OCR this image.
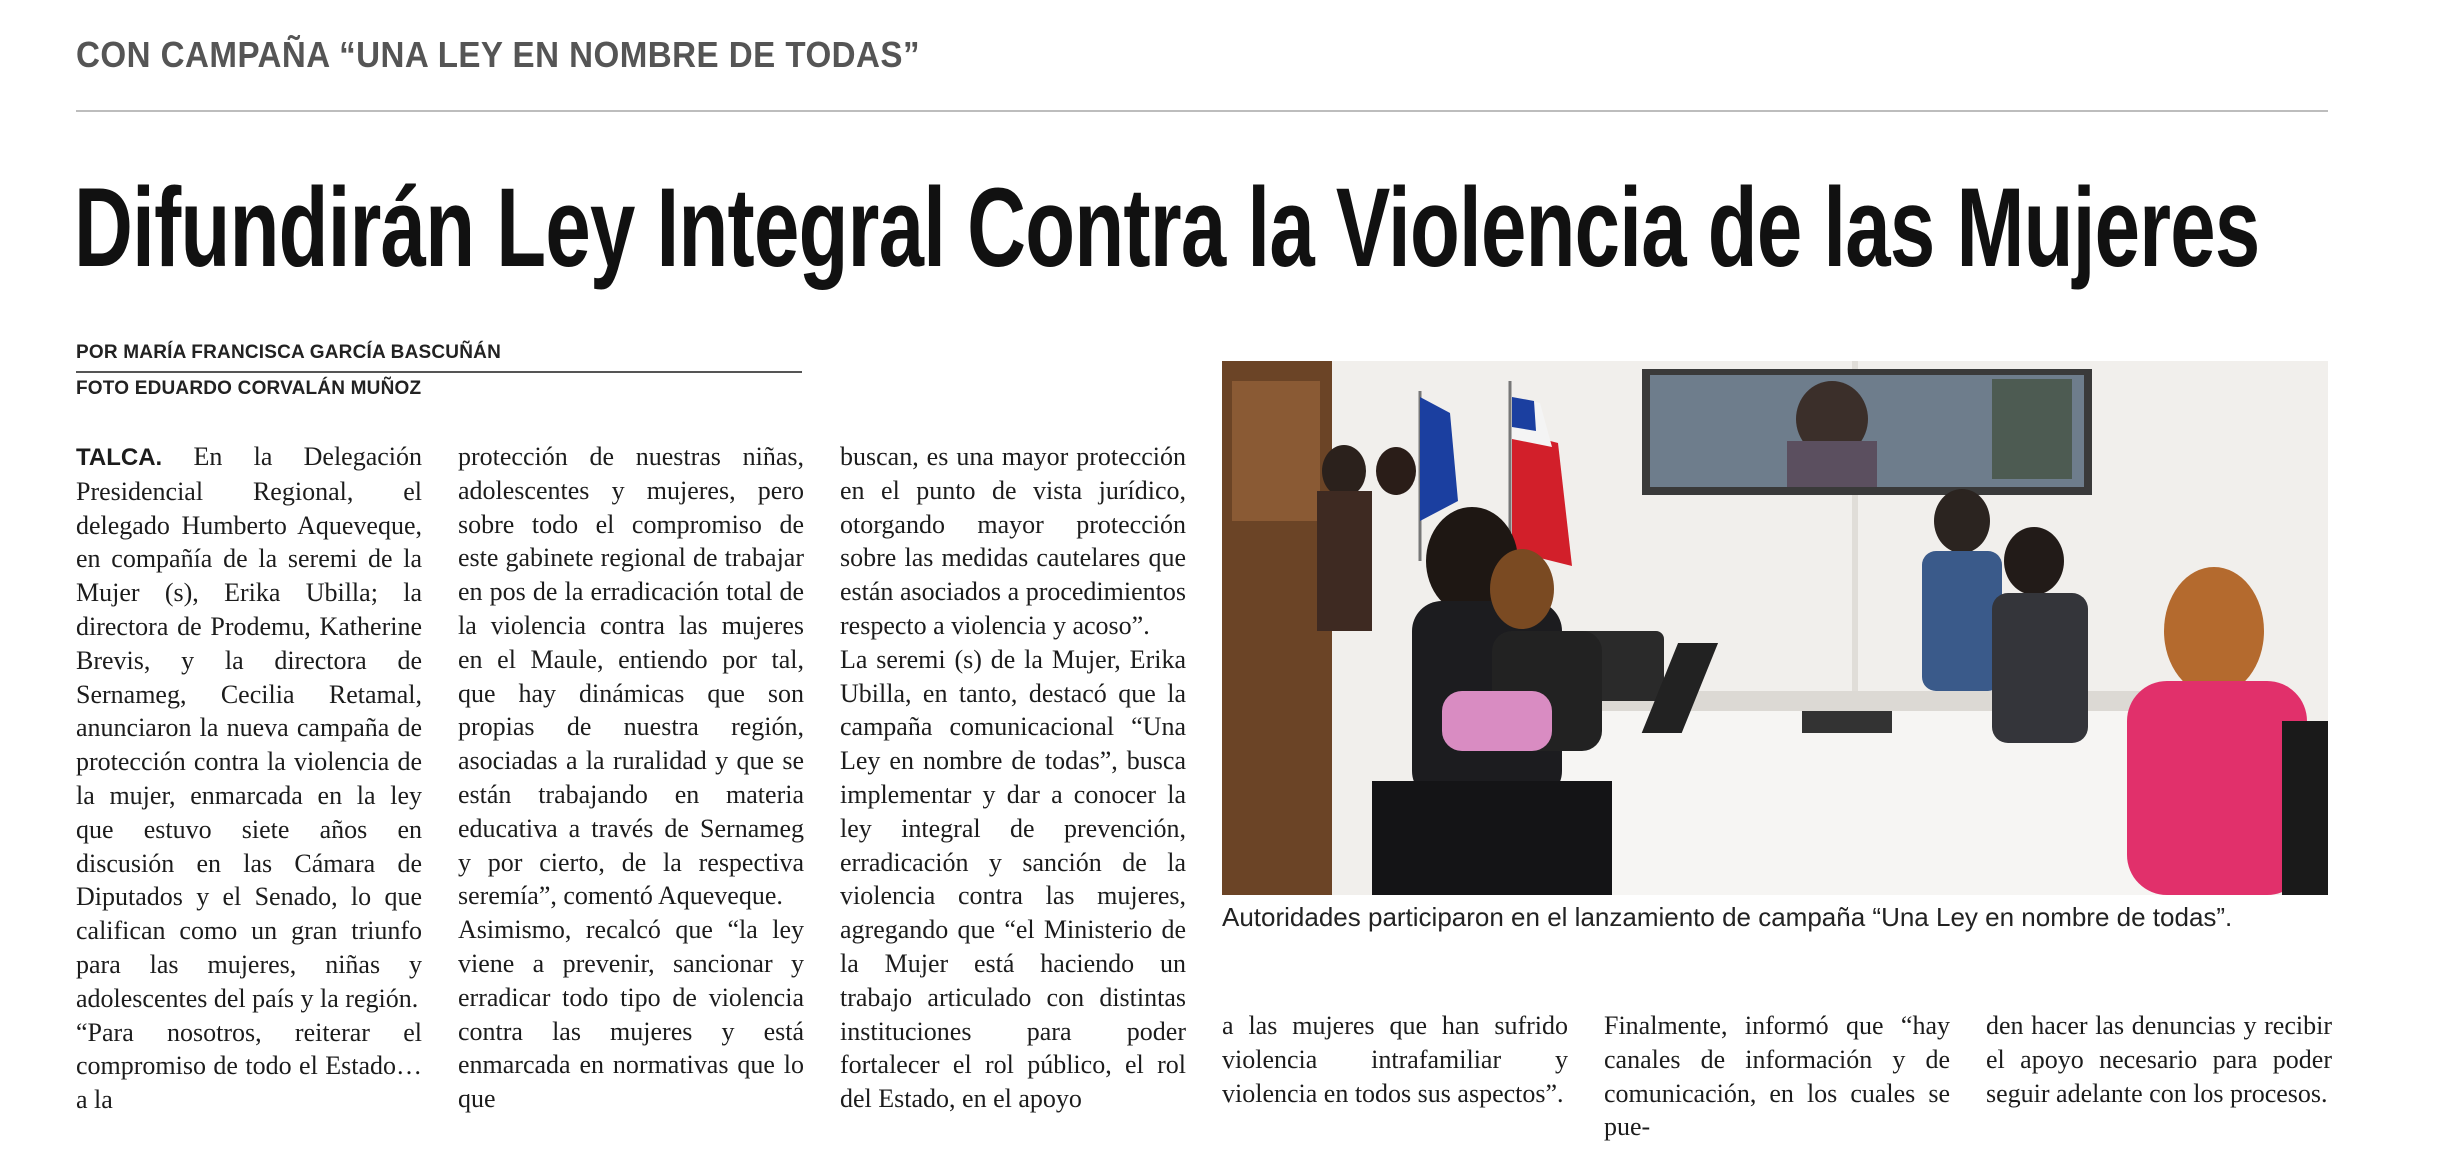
CON CAMPAÑA “UNA LEY EN NOMBRE DE TODAS”
Difundirán Ley Integral Contra la Violencia de las Mujeres
POR MARÍA FRANCISCA GARCÍA BASCUÑÁN
FOTO EDUARDO CORVALÁN MUÑOZ

TALCA. En la Delegación Presidencial Regional, el delegado Humberto Aqueveque, en compañía de la seremi de la Mujer (s), Erika Ubilla; la directora de Prodemu, Katherine Brevis, y la directora de Sernameg, Cecilia Retamal, anunciaron la nueva campaña de protección contra la violencia de la mujer, enmarcada en la ley que estuvo siete años en discusión en las Cámara de Diputados y el Senado, lo que califican como un gran triunfo para las mujeres, niñas y adolescentes del país y la región.

“Para nosotros, reiterar el compromiso de todo el Estado… a la

protección de nuestras niñas, adolescentes y mujeres, pero sobre todo el compromiso de este gabinete regional de trabajar en pos de la erradicación total de la violencia contra las mujeres en el Maule, entiendo por tal, que hay dinámicas que son propias de nuestra región, asociadas a la ruralidad y que se están trabajando en materia educativa a través de Sernameg y por cierto, de la respectiva seremía”, comentó Aqueveque.

Asimismo, recalcó que “la ley viene a prevenir, sancionar y erradicar todo tipo de violencia contra las mujeres y está enmarcada en normativas que lo que

buscan, es una mayor protección en el punto de vista jurídico, otorgando mayor protección sobre las medidas cautelares que están asociados a procedimientos respecto a violencia y acoso”.

La seremi (s) de la Mujer, Erika Ubilla, en tanto, destacó que la campaña comunicacional “Una Ley en nombre de todas”, busca implementar y dar a conocer la ley integral de prevención, erradicación y sanción de la violencia contra las mujeres, agregando que “el Ministerio de la Mujer está haciendo un trabajo articulado con distintas instituciones para poder fortalecer el rol público, el rol del Estado, en el apoyo

Autoridades participaron en el lanzamiento de campaña “Una Ley en nombre de todas”.

a las mujeres que han sufrido violencia intrafamiliar y violencia en todos sus aspectos”.

Finalmente, informó que “hay canales de información y de comunicación, en los cuales se pue-

den hacer las denuncias y recibir el apoyo necesario para poder seguir adelante con los procesos.
